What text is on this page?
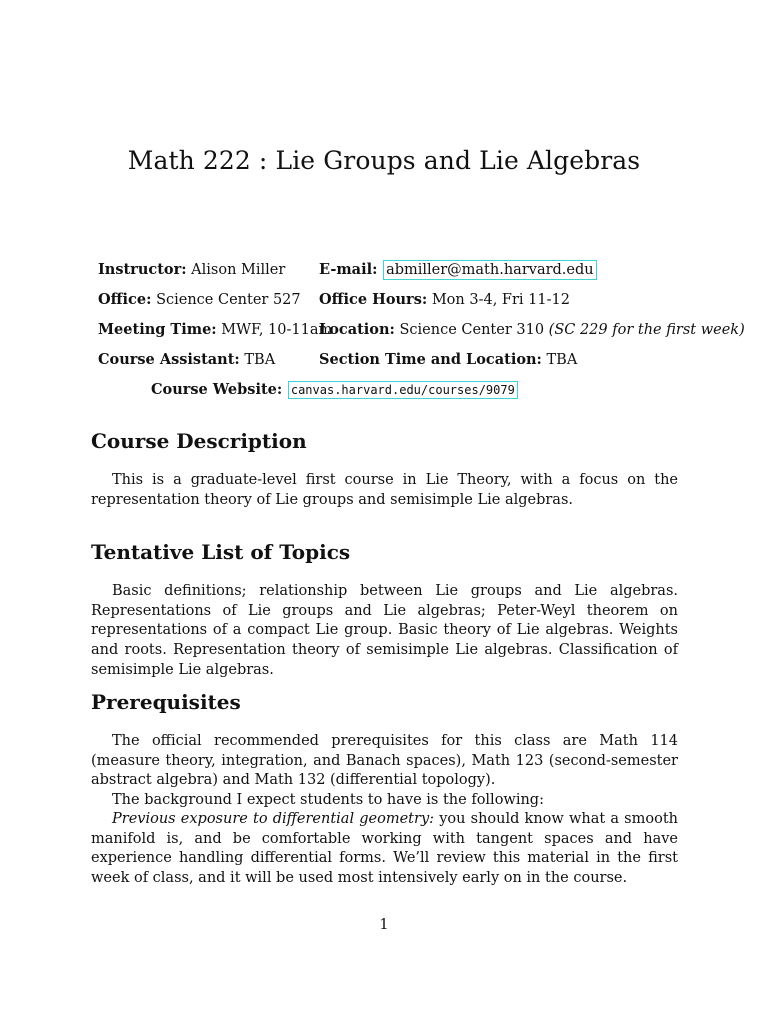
Math 222 : Lie Groups and Lie Algebras
Instructor: Alison Miller E-mail: abmiller@math.harvard.edu
Office: Science Center 527 Office Hours: Mon 3-4, Fri 11-12
Meeting Time: MWF, 10-11am
Location: Science Center 310 (SC 229 for the first week)
Course Assistant: TBA	Section Time and Location: TBA
Course Website: canvas.harvard.edu/courses/9079
Course Description

This is a graduate-level first course in Lie Theory, with a focus on the representation theory of Lie groups and semisimple Lie algebras.

Tentative List of Topics

Basic definitions; relationship between Lie groups and Lie algebras. Representations of Lie groups and Lie algebras; Peter-Weyl theorem on representations of a compact Lie group. Basic theory of Lie algebras. Weights and roots. Representation theory of semisimple Lie algebras. Classification of semisimple Lie algebras.

Prerequisites

The official recommended prerequisites for this class are Math 114 (measure theory, integration, and Banach spaces), Math 123 (second-semester abstract algebra) and Math 132 (differential topology).

The background I expect students to have is the following:

Previous exposure to differential geometry: you should know what a smooth manifold is, and be comfortable working with tangent spaces and have experience handling differential forms. We’ll review this material in the first week of class, and it will be used most intensively early on in the course.

1
